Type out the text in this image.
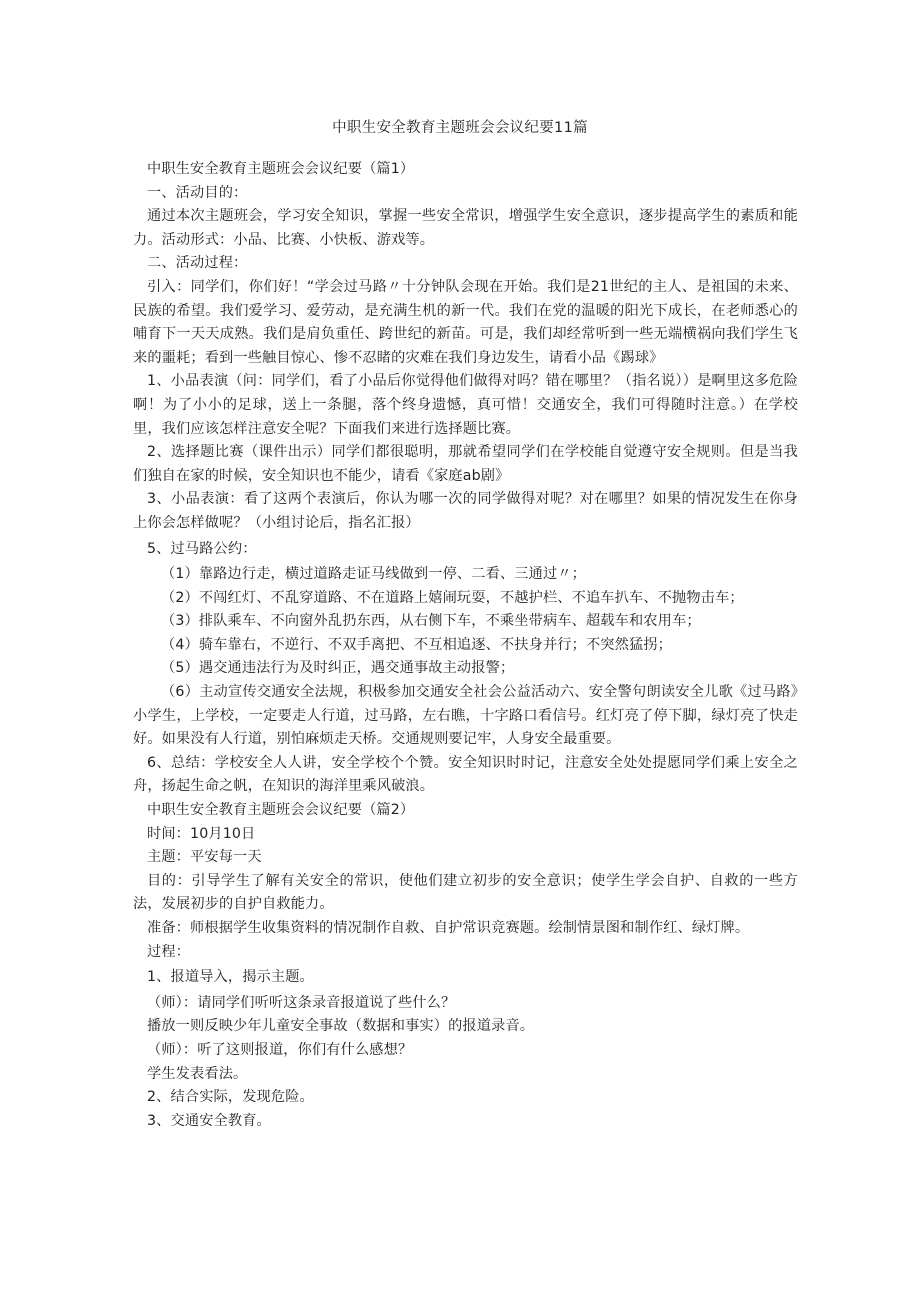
中职生安全教育主题班会会议纪要11篇

中职生安全教育主题班会会议纪要（篇1）

一、活动目的：

通过本次主题班会，学习安全知识，掌握一些安全常识，增强学生安全意识，逐步提高学生的素质和能力。活动形式：小品、比赛、小快板、游戏等。

二、活动过程：

引入：同学们，你们好！“学会过马路〃十分钟队会现在开始。我们是21世纪的主人、是祖国的未来、民族的希望。我们爱学习、爱劳动，是充满生机的新一代。我们在党的温暖的阳光下成长，在老师悉心的哺育下一天天成熟。我们是肩负重任、跨世纪的新苗。可是，我们却经常听到一些无端横祸向我们学生飞来的噩耗；看到一些触目惊心、惨不忍睹的灾难在我们身边发生，请看小品《踢球》

1、小品表演（问：同学们，看了小品后你觉得他们做得对吗？错在哪里？（指名说））是啊里这多危险啊！为了小小的足球，送上一条腿，落个终身遗憾，真可惜！交通安全，我们可得随时注意。）在学校里，我们应该怎样注意安全呢？下面我们来进行选择题比赛。

2、选择题比赛（课件出示）同学们都很聪明，那就希望同学们在学校能自觉遵守安全规则。但是当我们独自在家的时候，安全知识也不能少，请看《家庭ab剧》

3、小品表演：看了这两个表演后，你认为哪一次的同学做得对呢？对在哪里？如果的情况发生在你身上你会怎样做呢？（小组讨论后，指名汇报）

5、过马路公约：

（1）靠路边行走，横过道路走证马线做到一停、二看、三通过〃；

（2）不闯红灯、不乱穿道路、不在道路上嬉闹玩耍，不越护栏、不追车扒车、不抛物击车；

（3）排队乘车、不向窗外乱扔东西，从右侧下车，不乘坐带病车、超载车和农用车；

（4）骑车靠右，不逆行、不双手离把、不互相追逐、不扶身并行；不突然猛拐；

（5）遇交通违法行为及时纠正，遇交通事故主动报警；

（6）主动宣传交通安全法规，积极参加交通安全社会公益活动六、安全警句朗读安全儿歌《过马路》小学生，上学校，一定要走人行道，过马路，左右瞧，十字路口看信号。红灯亮了停下脚，绿灯亮了快走好。如果没有人行道，别怕麻烦走天桥。交通规则要记牢，人身安全最重要。

6、总结：学校安全人人讲，安全学校个个赞。安全知识时时记，注意安全处处提愿同学们乘上安全之舟，扬起生命之帆，在知识的海洋里乘风破浪。

中职生安全教育主题班会会议纪要（篇2）

时间：10月10日

主题：平安每一天

目的：引导学生了解有关安全的常识，使他们建立初步的安全意识；使学生学会自护、自救的一些方法，发展初步的自护自救能力。

准备：师根据学生收集资料的情况制作自救、自护常识竞赛题。绘制情景图和制作红、绿灯牌。

过程：

1、报道导入，揭示主题。

（师）：请同学们听听这条录音报道说了些什么？

播放一则反映少年儿童安全事故（数据和事实）的报道录音。

（师）：听了这则报道，你们有什么感想？

学生发表看法。

2、结合实际，发现危险。

3、交通安全教育。
